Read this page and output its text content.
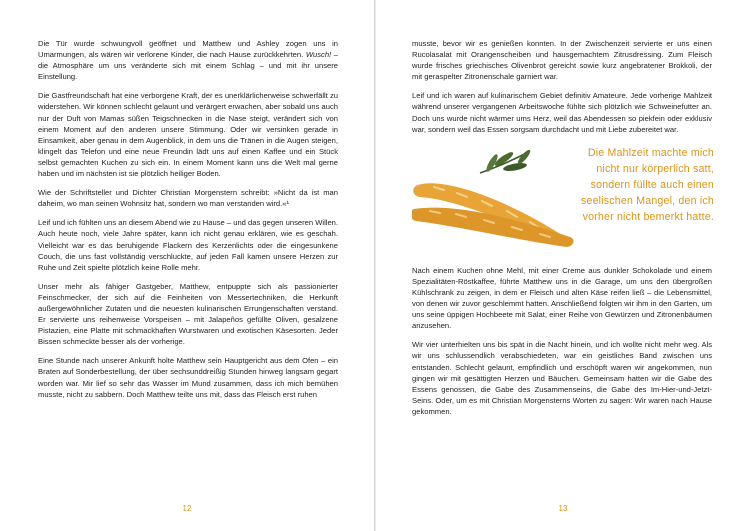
Die Tür wurde schwungvoll geöffnet und Matthew und Ashley zogen uns in Umarmungen, als wären wir verlorene Kinder, die nach Hause zurückkehrten. Wusch! – die Atmosphäre um uns veränderte sich mit einem Schlag – und mit ihr unsere Einstellung.

Die Gastfreundschaft hat eine verborgene Kraft, der es unerklärlicherweise schwerfällt zu widerstehen. Wir können schlecht gelaunt und verärgert erwachen, aber sobald uns auch nur der Duft von Mamas süßen Teigschnecken in die Nase steigt, verändert sich von einem Moment auf den anderen unsere Stimmung. Oder wir versinken gerade in Einsamkeit, aber genau in dem Augenblick, in dem uns die Tränen in die Augen steigen, klingelt das Telefon und eine neue Freundin lädt uns auf einen Kaffee und ein Stück selbst gemachten Kuchen zu sich ein. In einem Moment kann uns die Welt mal gerne haben und im nächsten ist sie plötzlich heiliger Boden.

Wie der Schriftsteller und Dichter Christian Morgenstern schreibt: »Nicht da ist man daheim, wo man seinen Wohnsitz hat, sondern wo man verstanden wird.«¹

Leif und ich fühlten uns an diesem Abend wie zu Hause – und das gegen unseren Willen. Auch heute noch, viele Jahre später, kann ich nicht genau erklären, wie es geschah. Vielleicht war es das beruhigende Flackern des Kerzenlichts oder die eingesunkene Couch, die uns fast vollständig verschluckte, auf jeden Fall kamen unsere Herzen zur Ruhe und Zeit spielte plötzlich keine Rolle mehr.

Unser mehr als fähiger Gastgeber, Matthew, entpuppte sich als passionierter Feinschmecker, der sich auf die Feinheiten von Messertechniken, die Herkunft außergewöhnlicher Zutaten und die neuesten kulinarischen Errungenschaften verstand. Er servierte uns reihenweise Vorspeisen – mit Jalapeños gefüllte Oliven, gesalzene Pistazien, eine Platte mit schmackhaften Wurstwaren und exotischen Käsesorten. Jeder Bissen schmeckte besser als der vorherige.

Eine Stunde nach unserer Ankunft holte Matthew sein Hauptgericht aus dem Ofen – ein Braten auf Sonderbestellung, der über sechsunddreißig Stunden hinweg langsam gegart worden war. Mir lief so sehr das Wasser im Mund zusammen, dass ich mich bemühen musste, nicht zu sabbern. Doch Matthew teilte uns mit, dass das Fleisch erst ruhen

12

musste, bevor wir es genießen konnten. In der Zwischenzeit servierte er uns einen Rucolasalat mit Orangenscheiben und hausgemachtem Zitrusdressing. Zum Fleisch wurde frisches griechisches Olivenbrot gereicht sowie kurz angebratener Brokkoli, der mit geraspelter Zitronenschale garniert war.

Leif und ich waren auf kulinarischem Gebiet definitiv Amateure. Jede vorherige Mahlzeit während unserer vergangenen Arbeitswoche fühlte sich plötzlich wie Schweinefutter an. Doch uns wurde nicht wärmer ums Herz, weil das Abendessen so piekfein oder exklusiv war, sondern weil das Essen sorgsam durchdacht und mit Liebe zubereitet war.

Die Mahlzeit machte mich
nicht nur körperlich satt,
sondern füllte auch einen
seelischen Mangel, den ich
vorher nicht bemerkt hatte.

Nach einem Kuchen ohne Mehl, mit einer Creme aus dunkler Schokolade und einem Spezialitäten-Röstkaffee, führte Matthew uns in die Garage, um uns den übergroßen Kühlschrank zu zeigen, in dem er Fleisch und alten Käse reifen ließ – die Lebensmittel, von denen wir zuvor geschlemmt hatten. Anschließend folgten wir ihm in den Garten, um uns seine üppigen Hochbeete mit Salat, einer Reihe von Gewürzen und Zitronenbäumen anzusehen.

Wir vier unterhielten uns bis spät in die Nacht hinein, und ich wollte nicht mehr weg. Als wir uns schlussendlich verabschiedeten, war ein geistliches Band zwischen uns entstanden. Schlecht gelaunt, empfindlich und erschöpft waren wir angekommen, nun gingen wir mit gesättigten Herzen und Bäuchen. Gemeinsam hatten wir die Gabe des Essens genossen, die Gabe des Zusammenseins, die Gabe des Im-Hier-und-Jetzt-Seins. Oder, um es mit Christian Morgensterns Worten zu sagen: Wir waren nach Hause gekommen.

13
